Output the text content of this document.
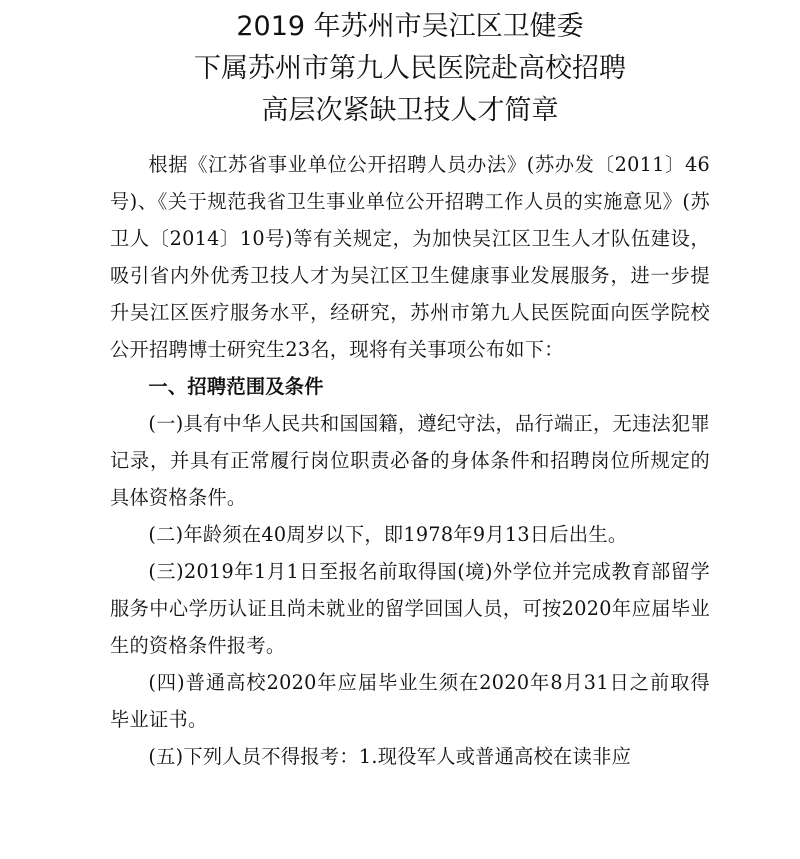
2019 年苏州市吴江区卫健委
下属苏州市第九人民医院赴高校招聘
高层次紧缺卫技人才简章

根据《江苏省事业单位公开招聘人员办法》(苏办发〔2011〕46号)、《关于规范我省卫生事业单位公开招聘工作人员的实施意见》(苏卫人〔2014〕10号)等有关规定，为加快吴江区卫生人才队伍建设，吸引省内外优秀卫技人才为吴江区卫生健康事业发展服务，进一步提升吴江区医疗服务水平，经研究，苏州市第九人民医院面向医学院校公开招聘博士研究生23名，现将有关事项公布如下：

一、招聘范围及条件

(一)具有中华人民共和国国籍，遵纪守法，品行端正，无违法犯罪记录，并具有正常履行岗位职责必备的身体条件和招聘岗位所规定的具体资格条件。

(二)年龄须在40周岁以下，即1978年9月13日后出生。

(三)2019年1月1日至报名前取得国(境)外学位并完成教育部留学服务中心学历认证且尚未就业的留学回国人员，可按2020年应届毕业生的资格条件报考。

(四)普通高校2020年应届毕业生须在2020年8月31日之前取得毕业证书。

(五)下列人员不得报考：1.现役军人或普通高校在读非应
